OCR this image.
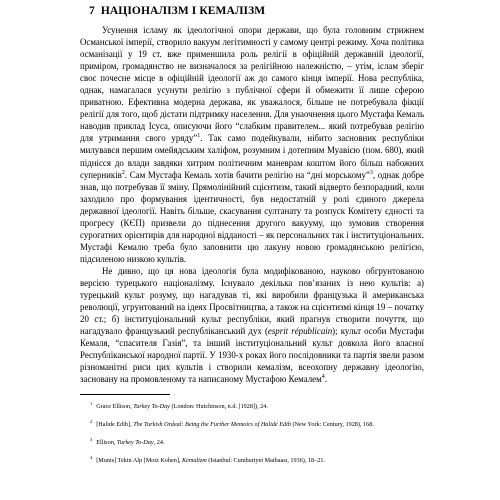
7 НАЦІОНАЛІЗМ І КЕМАЛІЗМ

Усунення ісламу як ідеологічної опори держави, що була головним стрижнем Османської імперії, створило вакуум легітимності у самому центрі режиму. Хоча політика османізації у 19 ст. вже применшила роль релігії в офіційній державній ідеології, приміром, громадянство не визначалося за релігійною належністю, – утім, іслам зберіг своє почесне місце в офіційній ідеології аж до самого кінця імперії. Нова республіка, однак, намагалася усунути релігію з публічної сфери й обмежити її лише сферою приватною. Ефективна модерна держава, як уважалося, більше не потребувала фікції релігії для того, щоб дістати підтримку населення. Для унаочнення цього Мустафа Кемаль наводив приклад Ісуса, описуючи його “слабким правителем... який потребував релігію для утримання свого уряду”$^1$. Так само подейкували, нібито засновник республіки милувався першим омейядським халіфом, розумним і дотепним Муавією (пом. 680), який піднісся до влади завдяки хитрим політичним маневрам коштом його більш набожних суперників$^2$. Сам Мустафа Кемаль хотів бачити релігію на “дні морському”$^3$, однак добре знав, що потребував її зміну. Прямолінійний сцієнтизм, такий відверто безпорадний, коли заходило про формування ідентичності, був недостатній у ролі єдиного джерела державної ідеології. Навіть більше, скасування султанату та розпуск Комітету єдності та прогресу (КЄП) призвели до піднесення другого вакууму, що зумовив створення сурогатних орієнтирів для народної відданості – як персональних так і інституціональних. Мустафі Кемалю треба було заповнити цю лакуну новою громадянською релігією, підсиленою низкою культів.

Не дивно, що ця нова ідеологія була модифікованою, науково обгрунтованою версією турецького націоналізму. Існувало декілька пов’язаних із нею культів: а) турецький культ розуму, що нагадував ті, які виробили французька й американська революції, угрунтований на ідеях Просвітництва, а також на сцієнтизмі кінця 19 – початку 20 ст.; б) інституціональний культ республіки, який прагнув створити почуття, що нагадувало французький республіканський дух (esprit républicain); культ особи Мустафи Кемаля, “спасителя Газія”, та інший інституціональний культ довкола його власної Республіканської народної партії. У 1930-х роках його послідовники та партія звели разом різноманітні риси цих культів і створили кемалізм, всеохопну державну ідеологію, засновану на промовленому та написаному Мустафою Кемалем$^4$.

$^1$ Grace Ellison, Turkey To-Day (London: Hutchinson, n.d. [1928]), 24.
$^2$ [Halide Edib], The Turkish Ordeal: Being the Further Memoirs of Halidé Edib (New York: Century, 1928), 168.
$^3$ Ellison, Turkey To-Day, 24.
$^4$ [Munis] Tekin Alp [Moiz Kohen], Kemalizm (Istanbul: Cumhuriyet Matbaası, 1936), 18–21.
